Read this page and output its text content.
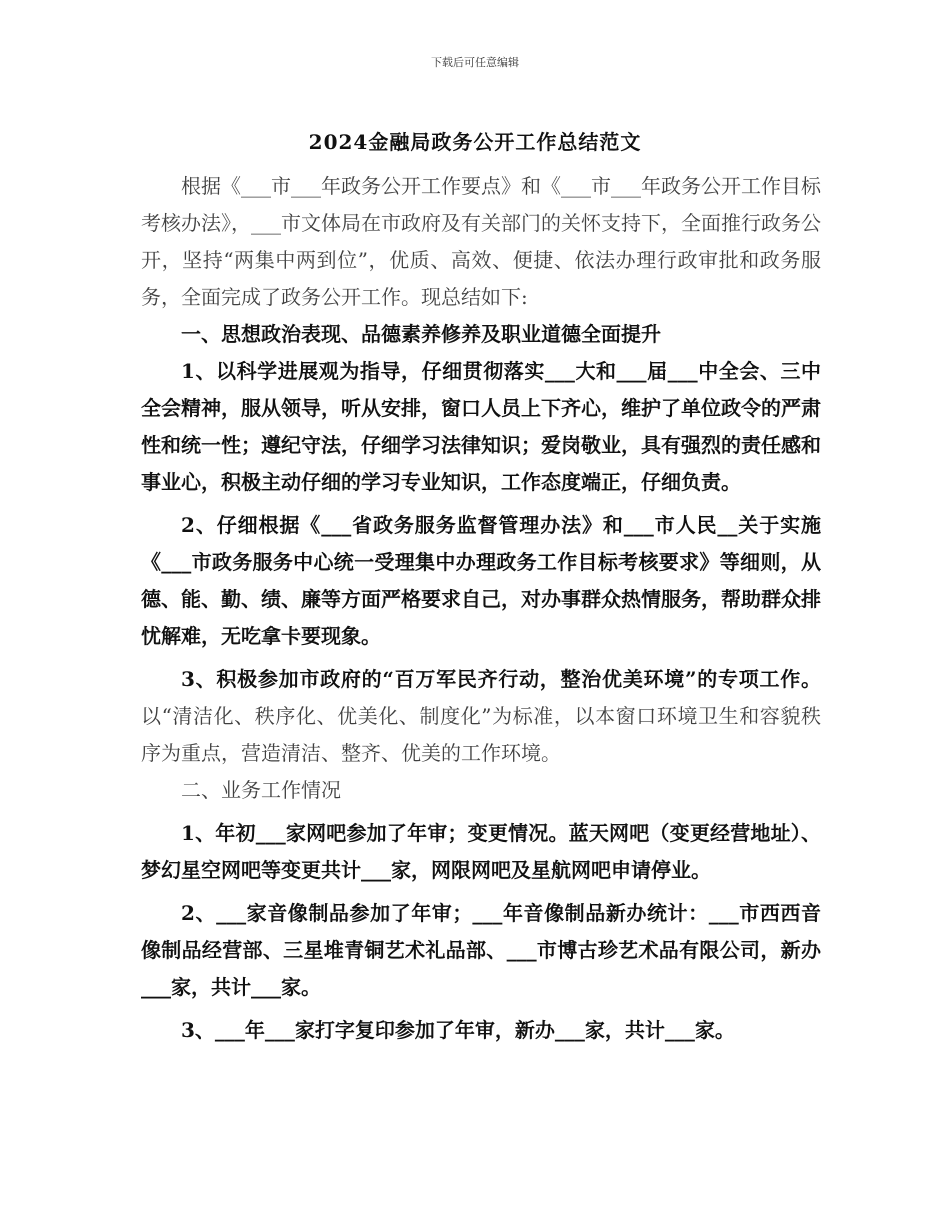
下载后可任意编辑
2024金融局政务公开工作总结范文

根据《___市___年政务公开工作要点》和《___市___年政务公开工作目标考核办法》，___市文体局在市政府及有关部门的关怀支持下，全面推行政务公开，坚持“两集中两到位”，优质、高效、便捷、依法办理行政审批和政务服务，全面完成了政务公开工作。现总结如下:

一、思想政治表现、品德素养修养及职业道德全面提升

1、以科学进展观为指导，仔细贯彻落实___大和___届___中全会、三中全会精神，服从领导，听从安排，窗口人员上下齐心，维护了单位政令的严肃性和统一性；遵纪守法，仔细学习法律知识；爱岗敬业，具有强烈的责任感和事业心，积极主动仔细的学习专业知识，工作态度端正，仔细负责。

2、仔细根据《___省政务服务监督管理办法》和___市人民__关于实施《___市政务服务中心统一受理集中办理政务工作目标考核要求》等细则，从德、能、勤、绩、廉等方面严格要求自己，对办事群众热情服务，帮助群众排忧解难，无吃拿卡要现象。

3、积极参加市政府的“百万军民齐行动，整治优美环境”的专项工作。以“清洁化、秩序化、优美化、制度化”为标准，以本窗口环境卫生和容貌秩序为重点，营造清洁、整齐、优美的工作环境。

二、业务工作情况

1、年初___家网吧参加了年审；变更情况。蓝天网吧（变更经营地址）、梦幻星空网吧等变更共计___家，网限网吧及星航网吧申请停业。

2、___家音像制品参加了年审；___年音像制品新办统计：___市西西音像制品经营部、三星堆青铜艺术礼品部、___市博古珍艺术品有限公司，新办___家，共计___家。

3、___年___家打字复印参加了年审，新办___家，共计___家。
